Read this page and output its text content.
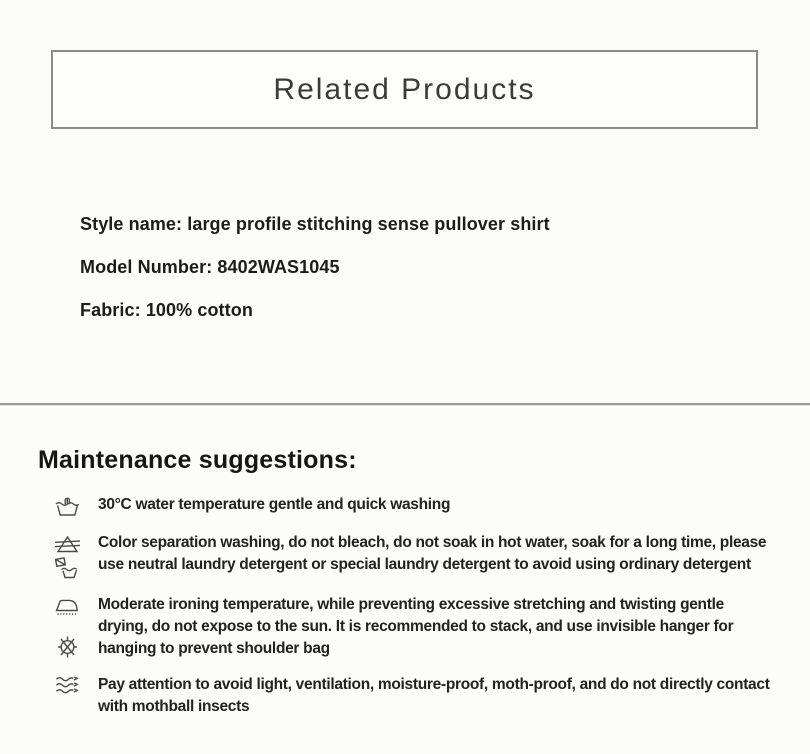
Related Products

Style name: large profile stitching sense pullover shirt

Model Number: 8402WAS1045

Fabric: 100% cotton

Maintenance suggestions:
30°C water temperature gentle and quick washing
Color separation washing, do not bleach, do not soak in hot water, soak for a long time, please use neutral laundry detergent or special laundry detergent to avoid using ordinary detergent
Moderate ironing temperature, while preventing excessive stretching and twisting gentle drying, do not expose to the sun. It is recommended to stack, and use invisible hanger for hanging to prevent shoulder bag
Pay attention to avoid light, ventilation, moisture-proof, moth-proof, and do not directly contact with mothball insects
